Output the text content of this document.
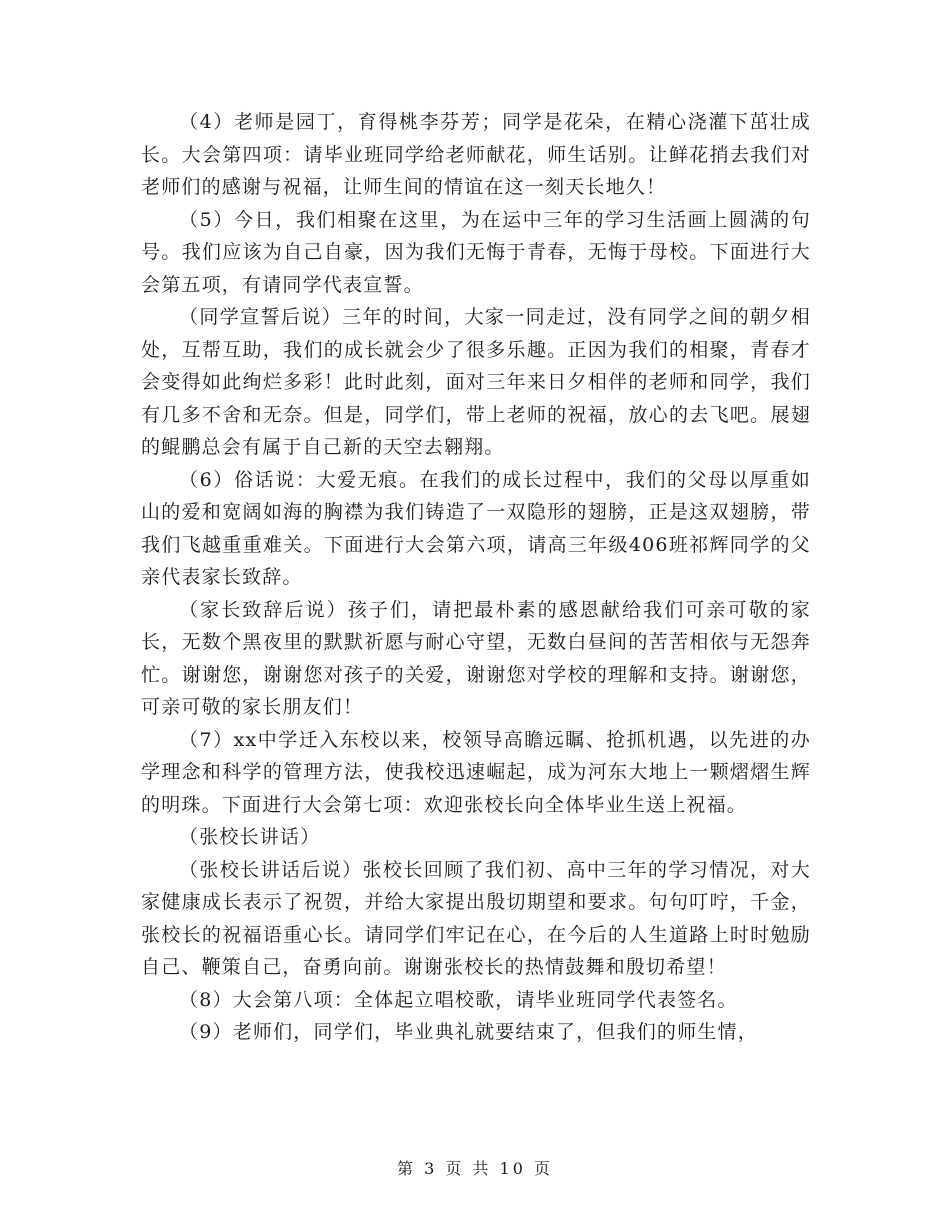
（4）老师是园丁，育得桃李芬芳；同学是花朵，在精心浇灌下茁壮成长。大会第四项：请毕业班同学给老师献花，师生话别。让鲜花捎去我们对老师们的感谢与祝福，让师生间的情谊在这一刻天长地久！

（5）今日，我们相聚在这里，为在运中三年的学习生活画上圆满的句号。我们应该为自己自豪，因为我们无悔于青春，无悔于母校。下面进行大会第五项，有请同学代表宣誓。

（同学宣誓后说）三年的时间，大家一同走过，没有同学之间的朝夕相处，互帮互助，我们的成长就会少了很多乐趣。正因为我们的相聚，青春才会变得如此绚烂多彩！此时此刻，面对三年来日夕相伴的老师和同学，我们有几多不舍和无奈。但是，同学们，带上老师的祝福，放心的去飞吧。展翅的鲲鹏总会有属于自己新的天空去翱翔。

（6）俗话说：大爱无痕。在我们的成长过程中，我们的父母以厚重如山的爱和宽阔如海的胸襟为我们铸造了一双隐形的翅膀，正是这双翅膀，带我们飞越重重难关。下面进行大会第六项，请高三年级406班祁辉同学的父亲代表家长致辞。

（家长致辞后说）孩子们，请把最朴素的感恩献给我们可亲可敬的家长，无数个黑夜里的默默祈愿与耐心守望，无数白昼间的苦苦相依与无怨奔忙。谢谢您，谢谢您对孩子的关爱，谢谢您对学校的理解和支持。谢谢您，可亲可敬的家长朋友们！

（7）xx中学迁入东校以来，校领导高瞻远瞩、抢抓机遇，以先进的办学理念和科学的管理方法，使我校迅速崛起，成为河东大地上一颗熠熠生辉的明珠。下面进行大会第七项：欢迎张校长向全体毕业生送上祝福。

（张校长讲话）

（张校长讲话后说）张校长回顾了我们初、高中三年的学习情况，对大家健康成长表示了祝贺，并给大家提出殷切期望和要求。句句叮咛，千金，张校长的祝福语重心长。请同学们牢记在心，在今后的人生道路上时时勉励自己、鞭策自己，奋勇向前。谢谢张校长的热情鼓舞和殷切希望！

（8）大会第八项：全体起立唱校歌，请毕业班同学代表签名。

（9）老师们，同学们，毕业典礼就要结束了，但我们的师生情，

第 3 页 共 10 页
